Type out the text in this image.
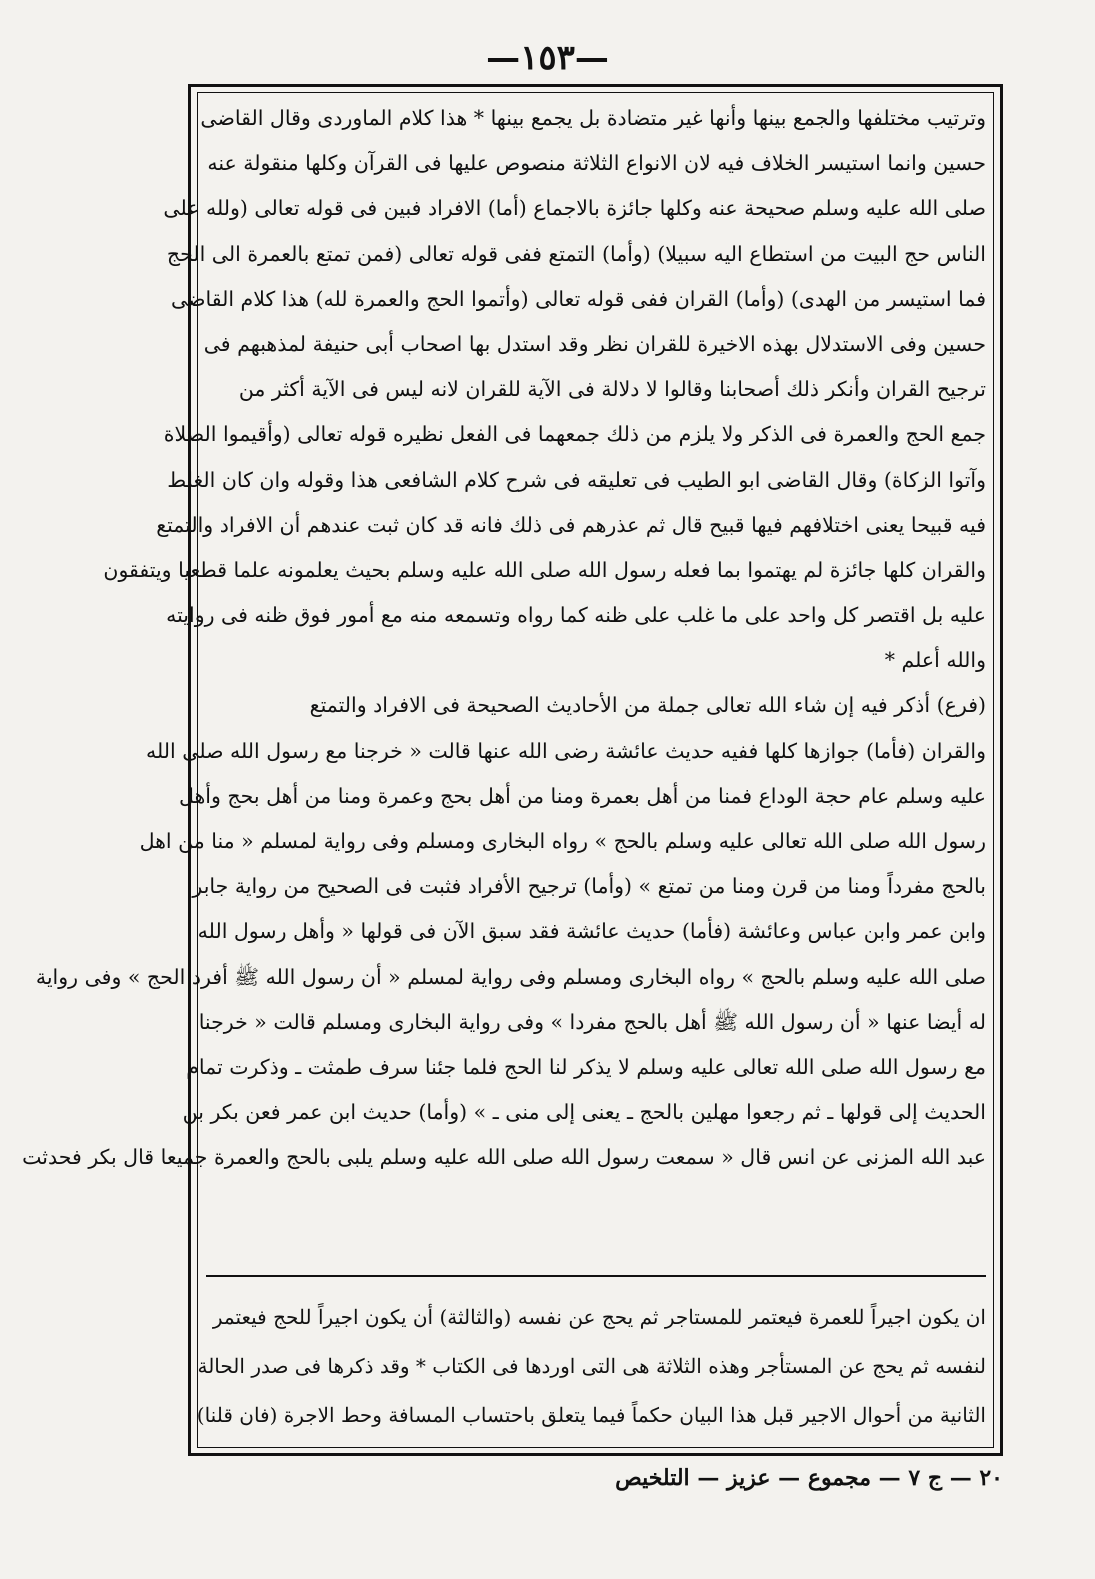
—١٥٣—
وترتيب مختلفها والجمع بينها وأنها غير متضادة بل يجمع بينها * هذا كلام الماوردى وقال القاضى
حسين وانما استيسر الخلاف فيه لان الانواع الثلاثة منصوص عليها فى القرآن وكلها منقولة عنه
صلى الله عليه وسلم صحيحة عنه وكلها جائزة بالاجماع (أما) الافراد فبين فى قوله تعالى (ولله على
الناس حج البيت من استطاع اليه سبيلا) (وأما) التمتع ففى قوله تعالى (فمن تمتع بالعمرة الى الحج
فما استيسر من الهدى) (وأما) القران ففى قوله تعالى (وأتموا الحج والعمرة لله) هذا كلام القاضى
حسين وفى الاستدلال بهذه الاخيرة للقران نظر وقد استدل بها اصحاب أبى حنيفة لمذهبهم فى
ترجيح القران وأنكر ذلك أصحابنا وقالوا لا دلالة فى الآية للقران لانه ليس فى الآية أكثر من
جمع الحج والعمرة فى الذكر ولا يلزم من ذلك جمعهما فى الفعل نظيره قوله تعالى (وأقيموا الصلاة
وآتوا الزكاة) وقال القاضى ابو الطيب فى تعليقه فى شرح كلام الشافعى هذا وقوله وان كان الغلط
فيه قبيحا يعنى اختلافهم فيها قبيح قال ثم عذرهم فى ذلك فانه قد كان ثبت عندهم أن الافراد والتمتع
والقران كلها جائزة لم يهتموا بما فعله رسول الله صلى الله عليه وسلم بحيث يعلمونه علما قطعيا ويتفقون
عليه بل اقتصر كل واحد على ما غلب على ظنه كما رواه وتسمعه منه مع أمور فوق ظنه فى روايته
والله أعلم *
(فرع) أذكر فيه إن شاء الله تعالى جملة من الأحاديث الصحيحة فى الافراد والتمتع
والقران (فأما) جوازها كلها ففيه حديث عائشة رضى الله عنها قالت « خرجنا مع رسول الله صلى الله
عليه وسلم عام حجة الوداع فمنا من أهل بعمرة ومنا من أهل بحج وعمرة ومنا من أهل بحج وأهل
رسول الله صلى الله تعالى عليه وسلم بالحج » رواه البخارى ومسلم وفى رواية لمسلم « منا من اهل
بالحج مفرداً ومنا من قرن ومنا من تمتع » (وأما) ترجيح الأفراد فثبت فى الصحيح من رواية جابر
وابن عمر وابن عباس وعائشة (فأما) حديث عائشة فقد سبق الآن فى قولها « وأهل رسول الله
صلى الله عليه وسلم بالحج » رواه البخارى ومسلم وفى رواية لمسلم « أن رسول الله ﷺ أفرد الحج » وفى رواية
له أيضا عنها « أن رسول الله ﷺ أهل بالحج مفردا » وفى رواية البخارى ومسلم قالت « خرجنا
مع رسول الله صلى الله تعالى عليه وسلم لا يذكر لنا الحج فلما جئنا سرف طمثت ـ وذكرت تمام
الحديث إلى قولها ـ ثم رجعوا مهلين بالحج ـ يعنى إلى منى ـ » (وأما) حديث ابن عمر فعن بكر بن
عبد الله المزنى عن انس قال « سمعت رسول الله صلى الله عليه وسلم يلبى بالحج والعمرة جميعا قال بكر فحدثت
ان يكون اجيراً للعمرة فيعتمر للمستاجر ثم يحج عن نفسه (والثالثة) أن يكون اجيراً للحج فيعتمر
لنفسه ثم يحج عن المستأجر وهذه الثلاثة هى التى اوردها فى الكتاب * وقد ذكرها فى صدر الحالة
الثانية من أحوال الاجير قبل هذا البيان حكماً فيما يتعلق باحتساب المسافة وحط الاجرة (فان قلنا)
٢٠ — ج ٧ — مجموع — عزيز — التلخيص
